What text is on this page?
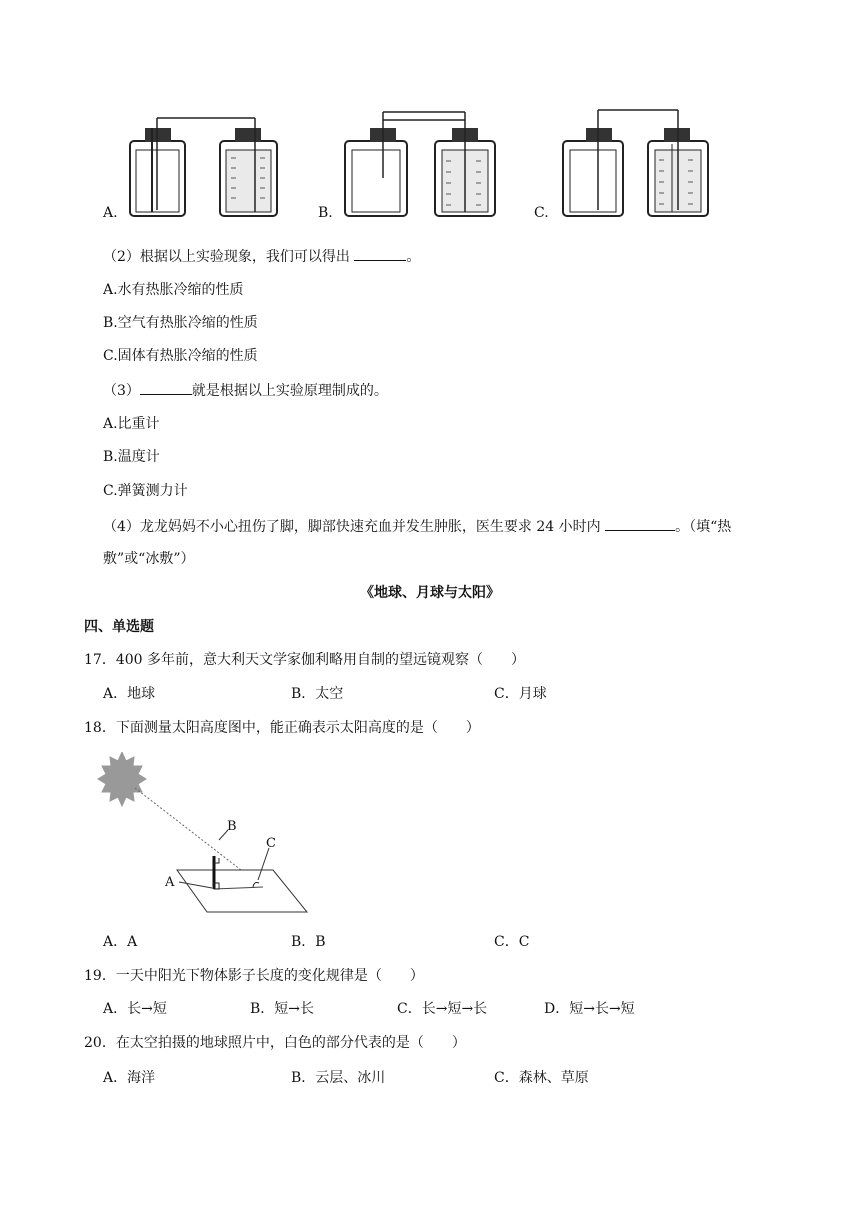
A.	B.	C.
（2）根据以上实验现象，我们可以得出	。
A.水有热胀冷缩的性质
B.空气有热胀冷缩的性质
C.固体有热胀冷缩的性质
（3）	就是根据以上实验原理制成的。
A.比重计
B.温度计
C.弹簧测力计
（4）龙龙妈妈不小心扭伤了脚，脚部快速充血并发生肿胀，医生要求 24 小时内	。（填“热
敷”或“冰敷”）
《地球、月球与太阳》
四、单选题
17．400 多年前，意大利天文学家伽利略用自制的望远镜观察（　　）
A．地球	B．太空	C．月球
18．下面测量太阳高度图中，能正确表示太阳高度的是（　　）
B
C
A
A．A	B．B	C．C
19．一天中阳光下物体影子长度的变化规律是（　　）
A．长→短	B．短→长	C．长→短→长	D．短→长→短
20．在太空拍摄的地球照片中，白色的部分代表的是（　　）
A．海洋	B．云层、冰川	C．森林、草原
